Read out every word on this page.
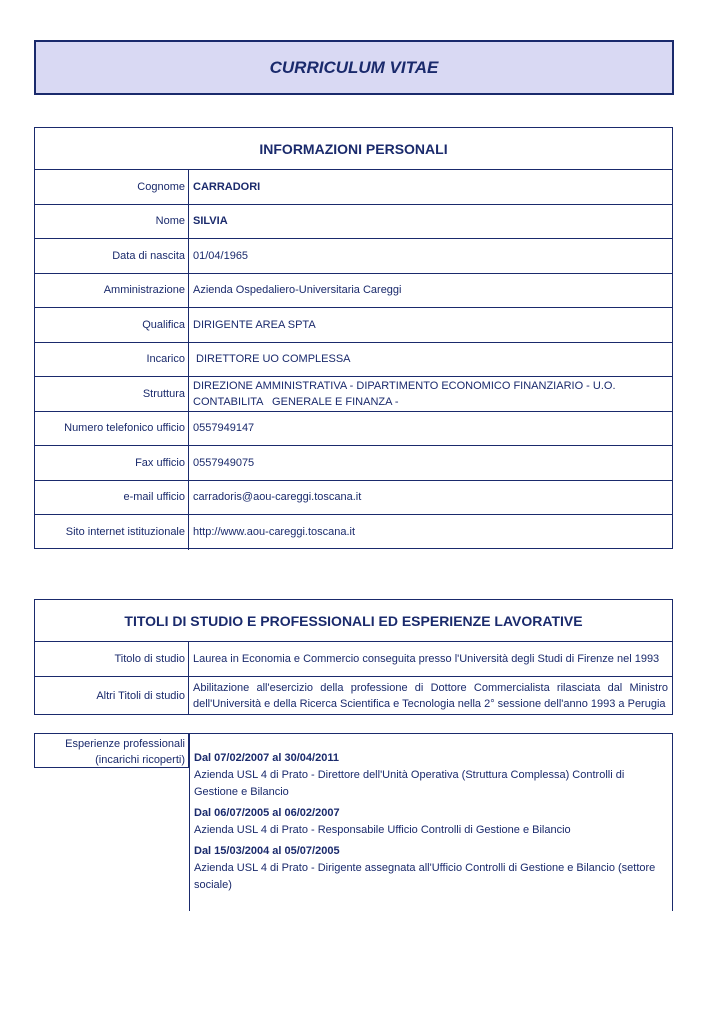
CURRICULUM VITAE
INFORMAZIONI PERSONALI
Cognome CARRADORI
Nome SILVIA
Data di nascita 01/04/1965
Amministrazione Azienda Ospedaliero-Universitaria Careggi
Qualifica DIRIGENTE AREA SPTA
Incarico DIRETTORE UO COMPLESSA
Struttura
DIREZIONE AMMINISTRATIVA - DIPARTIMENTO ECONOMICO FINANZIARIO - U.O. CONTABILITA   GENERALE E FINANZA -
Numero telefonico ufficio 0557949147
Fax ufficio 0557949075
e-mail ufficio carradoris@aou-careggi.toscana.it
Sito internet istituzionale http://www.aou-careggi.toscana.it
TITOLI DI STUDIO E PROFESSIONALI ED ESPERIENZE LAVORATIVE
Titolo di studio Laurea in Economia e Commercio conseguita presso l'Università degli Studi di Firenze nel 1993
Altri Titoli di studio
Abilitazione all'esercizio della professione di Dottore Commercialista rilasciata dal Ministro dell'Università e della Ricerca Scientifica e Tecnologia nella 2° sessione dell'anno 1993 a Perugia
Esperienze professionali (incarichi ricoperti) Dal 07/02/2007 al 30/04/2011
Azienda USL 4 di Prato - Direttore dell'Unità Operativa (Struttura Complessa) Controlli di Gestione e Bilancio
Dal 06/07/2005 al 06/02/2007
Azienda USL 4 di Prato - Responsabile Ufficio Controlli di Gestione e Bilancio
Dal 15/03/2004 al 05/07/2005
Azienda USL 4 di Prato - Dirigente assegnata all'Ufficio Controlli di Gestione e Bilancio (settore sociale)
